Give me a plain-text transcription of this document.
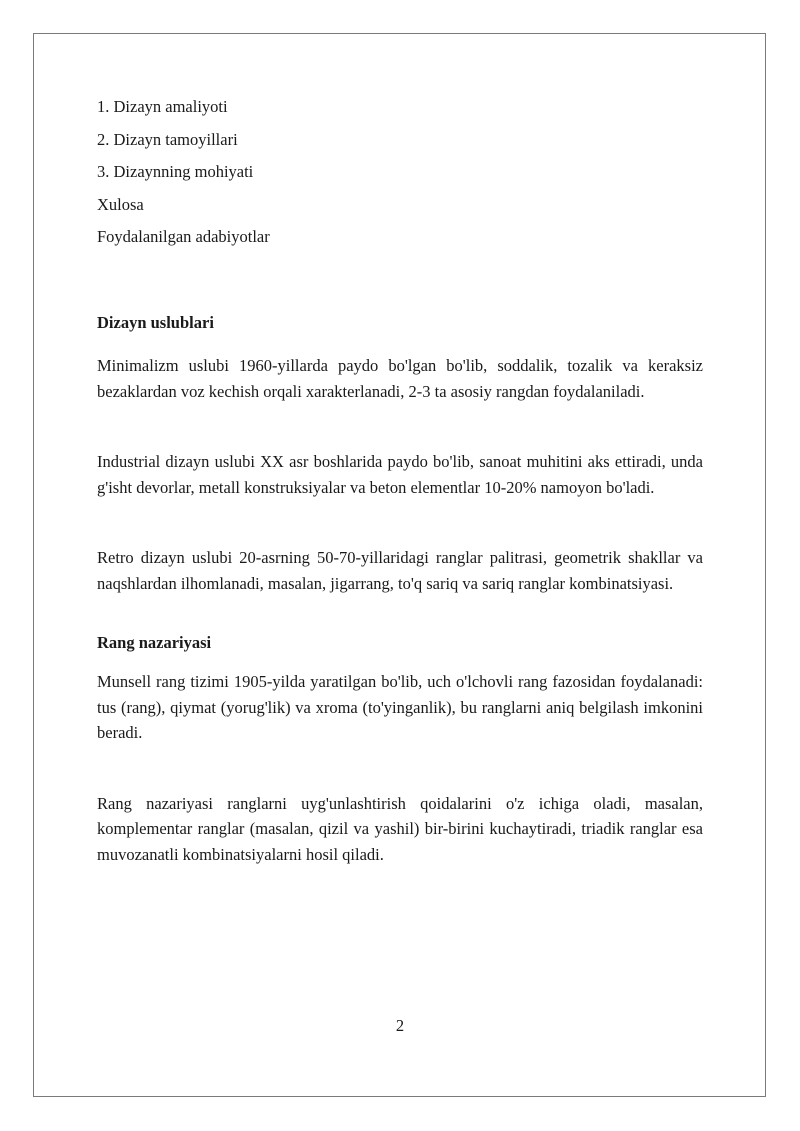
1. Dizayn amaliyoti

2. Dizayn tamoyillari

3. Dizaynning mohiyati

Xulosa

Foydalanilgan adabiyotlar

Dizayn uslublari

Minimalizm uslubi 1960-yillarda paydo bo'lgan bo'lib, soddalik, tozalik va keraksiz bezaklardan voz kechish orqali xarakterlanadi, 2-3 ta asosiy rangdan foydalaniladi.

Industrial dizayn uslubi XX asr boshlarida paydo bo'lib, sanoat muhitini aks ettiradi, unda g'isht devorlar, metall konstruksiyalar va beton elementlar 10-20% namoyon bo'ladi.

Retro dizayn uslubi 20-asrning 50-70-yillaridagi ranglar palitrasi, geometrik shakllar va naqshlardan ilhomlanadi, masalan, jigarrang, to'q sariq va sariq ranglar kombinatsiyasi.

Rang nazariyasi

Munsell rang tizimi 1905-yilda yaratilgan bo'lib, uch o'lchovli rang fazosidan foydalanadi: tus (rang), qiymat (yorug'lik) va xroma (to'yinganlik), bu ranglarni aniq belgilash imkonini beradi.

Rang nazariyasi ranglarni uyg'unlashtirish qoidalarini o'z ichiga oladi, masalan, komplementar ranglar (masalan, qizil va yashil) bir-birini kuchaytiradi, triadik ranglar esa muvozanatli kombinatsiyalarni hosil qiladi.

2
